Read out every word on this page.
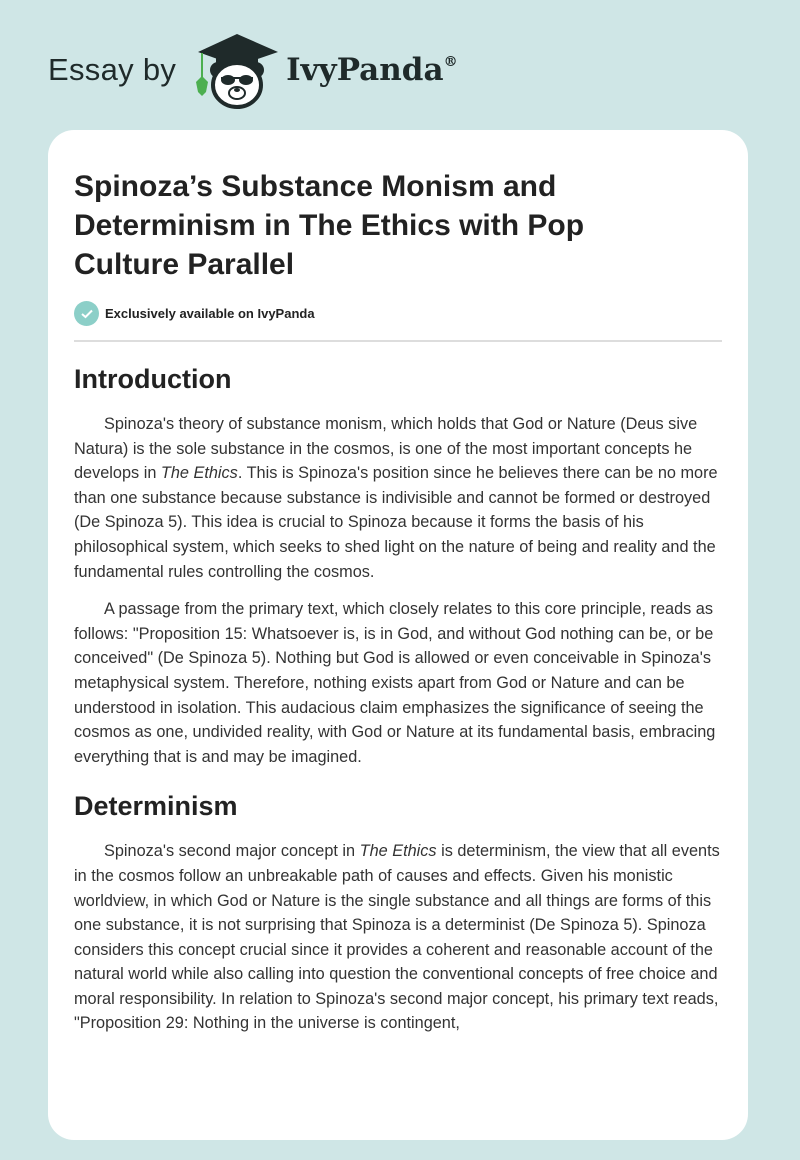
Essay by	IvyPanda®
Spinoza’s Substance Monism and Determinism in The Ethics with Pop Culture Parallel
Exclusively available on IvyPanda
Introduction

Spinoza's theory of substance monism, which holds that God or Nature (Deus sive Natura) is the sole substance in the cosmos, is one of the most important concepts he develops in The Ethics. This is Spinoza's position since he believes there can be no more than one substance because substance is indivisible and cannot be formed or destroyed (De Spinoza 5). This idea is crucial to Spinoza because it forms the basis of his philosophical system, which seeks to shed light on the nature of being and reality and the fundamental rules controlling the cosmos.

A passage from the primary text, which closely relates to this core principle, reads as follows: "Proposition 15: Whatsoever is, is in God, and without God nothing can be, or be conceived" (De Spinoza 5). Nothing but God is allowed or even conceivable in Spinoza's metaphysical system. Therefore, nothing exists apart from God or Nature and can be understood in isolation. This audacious claim emphasizes the significance of seeing the cosmos as one, undivided reality, with God or Nature at its fundamental basis, embracing everything that is and may be imagined.

Determinism

Spinoza's second major concept in The Ethics is determinism, the view that all events in the cosmos follow an unbreakable path of causes and effects. Given his monistic worldview, in which God or Nature is the single substance and all things are forms of this one substance, it is not surprising that Spinoza is a determinist (De Spinoza 5). Spinoza considers this concept crucial since it provides a coherent and reasonable account of the natural world while also calling into question the conventional concepts of free choice and moral responsibility. In relation to Spinoza's second major concept, his primary text reads, "Proposition 29: Nothing in the universe is contingent,
